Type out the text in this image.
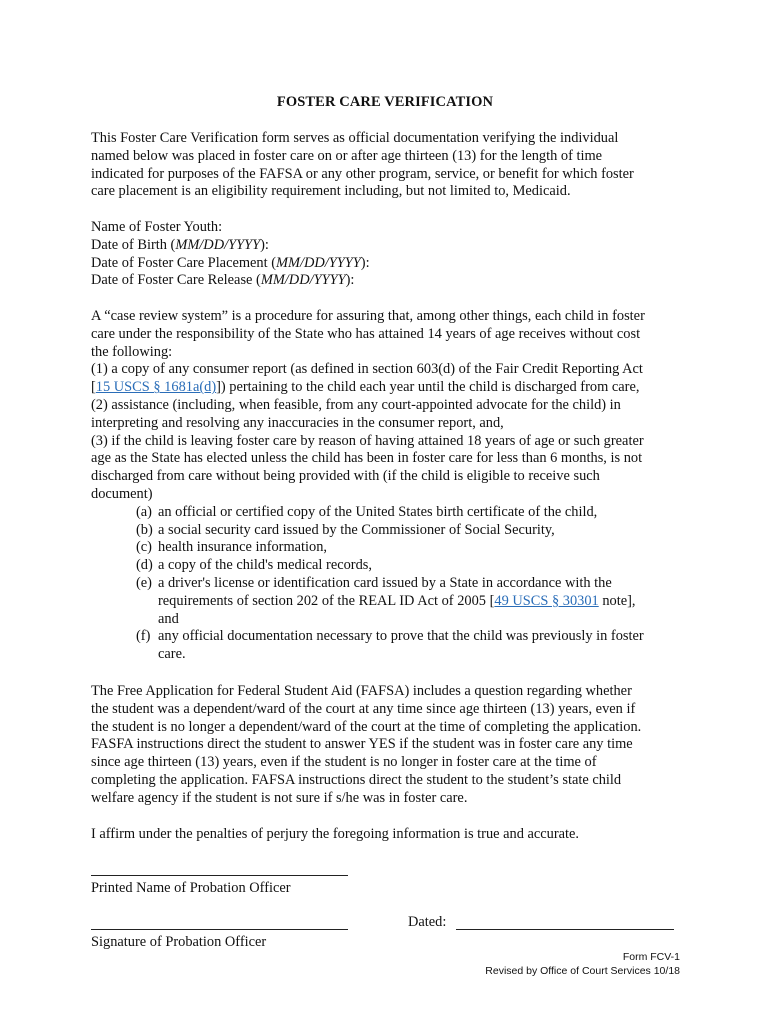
FOSTER CARE VERIFICATION
This Foster Care Verification form serves as official documentation verifying the individual
named below was placed in foster care on or after age thirteen (13) for the length of time
indicated for purposes of the FAFSA or any other program, service, or benefit for which foster
care placement is an eligibility requirement including, but not limited to, Medicaid.
Name of Foster Youth:
Date of Birth (MM/DD/YYYY):
Date of Foster Care Placement (MM/DD/YYYY):
Date of Foster Care Release (MM/DD/YYYY):
A “case review system” is a procedure for assuring that, among other things, each child in foster
care under the responsibility of the State who has attained 14 years of age receives without cost
the following:
(1) a copy of any consumer report (as defined in section 603(d) of the Fair Credit Reporting Act
[15 USCS § 1681a(d)]) pertaining to the child each year until the child is discharged from care,
(2) assistance (including, when feasible, from any court-appointed advocate for the child) in
interpreting and resolving any inaccuracies in the consumer report, and,
(3) if the child is leaving foster care by reason of having attained 18 years of age or such greater
age as the State has elected unless the child has been in foster care for less than 6 months, is not
discharged from care without being provided with (if the child is eligible to receive such
document)
(a) an official or certified copy of the United States birth certificate of the child,
(b) a social security card issued by the Commissioner of Social Security,
(c) health insurance information,
(d) a copy of the child's medical records,
(e) a driver's license or identification card issued by a State in accordance with the
requirements of section 202 of the REAL ID Act of 2005 [49 USCS § 30301 note],
and
(f) any official documentation necessary to prove that the child was previously in foster
care.
The Free Application for Federal Student Aid (FAFSA) includes a question regarding whether
the student was a dependent/ward of the court at any time since age thirteen (13) years, even if
the student is no longer a dependent/ward of the court at the time of completing the application.
FASFA instructions direct the student to answer YES if the student was in foster care any time
since age thirteen (13) years, even if the student is no longer in foster care at the time of
completing the application. FAFSA instructions direct the student to the student’s state child
welfare agency if the student is not sure if s/he was in foster care.
I affirm under the penalties of perjury the foregoing information is true and accurate.
Printed Name of Probation Officer
Signature of Probation Officer
Dated:
Form FCV-1
Revised by Office of Court Services 10/18
